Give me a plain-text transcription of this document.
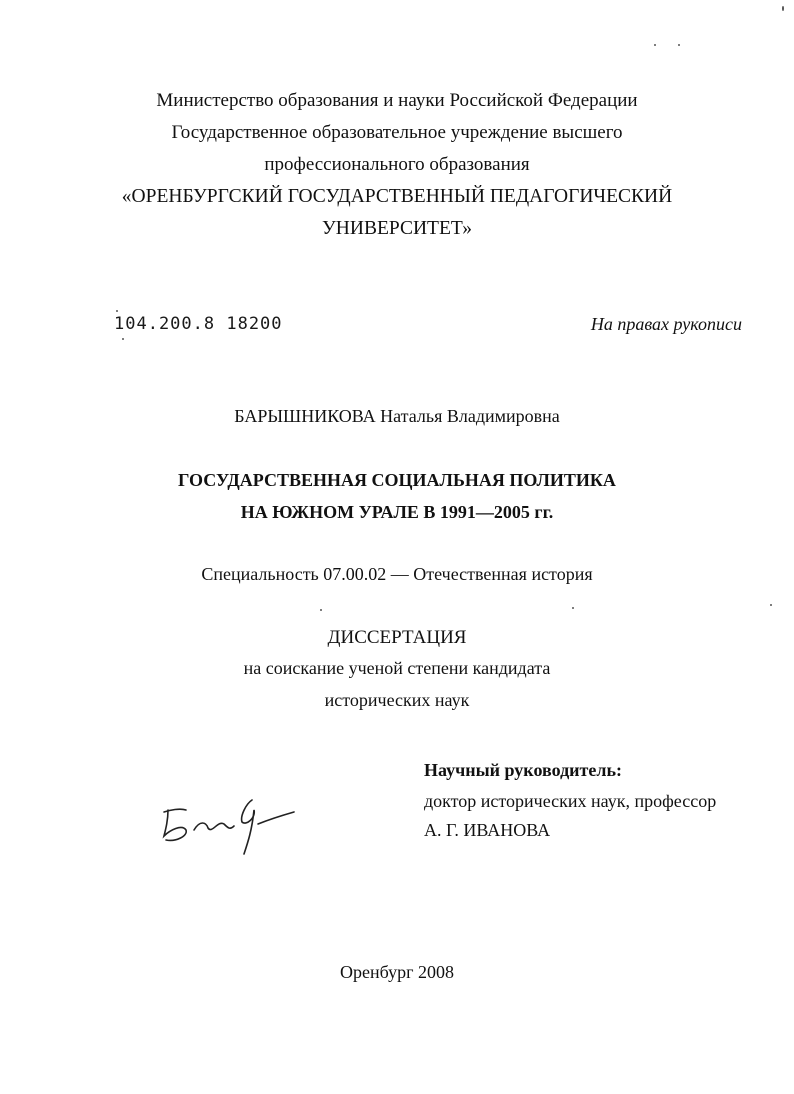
Министерство образования и науки Российской Федерации
Государственное образовательное учреждение высшего
профессионального образования
«ОРЕНБУРГСКИЙ ГОСУДАРСТВЕННЫЙ ПЕДАГОГИЧЕСКИЙ
УНИВЕРСИТЕТ»
104.200.8 18200	На правах рукописи
БАРЫШНИКОВА Наталья Владимировна
ГОСУДАРСТВЕННАЯ СОЦИАЛЬНАЯ ПОЛИТИКА
НА ЮЖНОМ УРАЛЕ В 1991—2005 гг.
Специальность 07.00.02 — Отечественная история
ДИССЕРТАЦИЯ
на соискание ученой степени кандидата
исторических наук
Научный руководитель:
доктор исторических наук, профессор
А. Г. ИВАНОВА
Оренбург 2008
